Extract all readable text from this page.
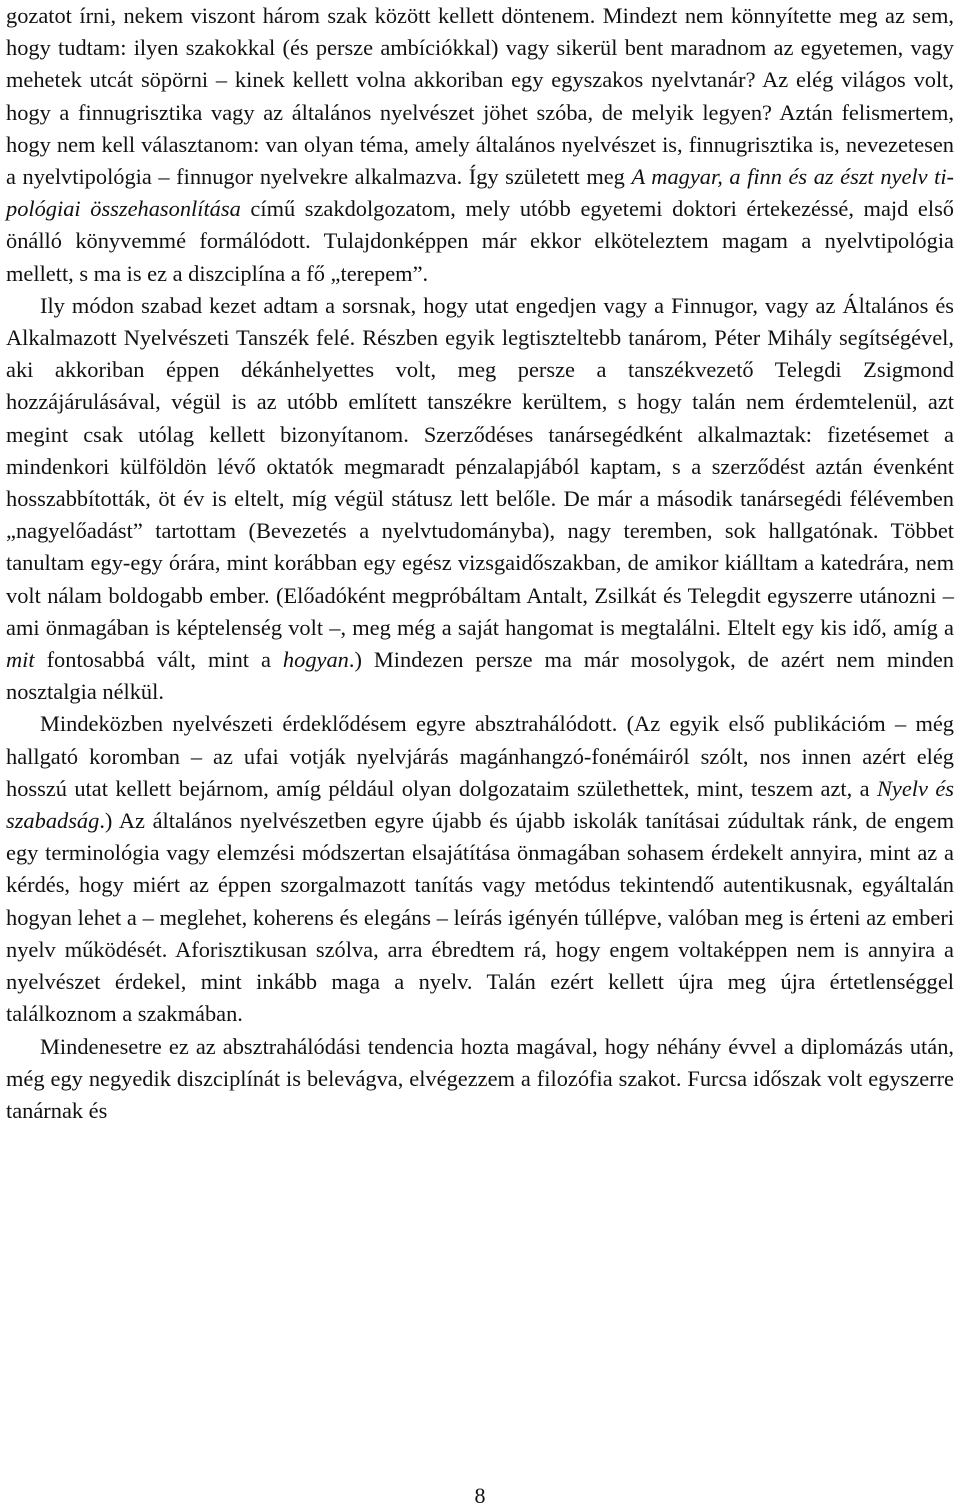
gozatot írni, nekem viszont három szak között kellett döntenem. Mindezt nem könnyítette meg az sem, hogy tudtam: ilyen szakokkal (és persze ambíciókkal) vagy sikerül bent maradnom az egyetemen, vagy mehetek utcát söpörni – kinek kellett volna akkoriban egy egyszakos nyelvtanár? Az elég világos volt, hogy a finnugrisztika vagy az általános nyelvészet jöhet szóba, de melyik legyen? Aztán felismertem, hogy nem kell választanom: van olyan téma, amely általános nyelvészet is, finnugrisztika is, nevezetesen a nyelvtipológia – finnugor nyelvekre alkalmazva. Így született meg A magyar, a finn és az észt nyelv tipológiai összehasonlítása című szakdolgozatom, mely utóbb egyetemi doktori értekezéssé, majd első önálló könyvemmé formálódott. Tulajdonképpen már ekkor elköteleztem magam a nyelvtipológia mellett, s ma is ez a diszciplína a fő „terepem”.

Ily módon szabad kezet adtam a sorsnak, hogy utat engedjen vagy a Finnugor, vagy az Általános és Alkalmazott Nyelvészeti Tanszék felé. Részben egyik legtiszteltebb tanárom, Péter Mihály segítségével, aki akkoriban éppen dékánhelyettes volt, meg persze a tanszékvezető Telegdi Zsigmond hozzájárulásával, végül is az utóbb említett tanszékre kerültem, s hogy talán nem érdemtelenül, azt megint csak utólag kellett bizonyítanom. Szerződéses tanársegédként alkalmaztak: fizetésemet a mindenkori külföldön lévő oktatók megmaradt pénzalapjából kaptam, s a szerződést aztán évenként hosszabbították, öt év is eltelt, míg végül státusz lett belőle. De már a második tanársegédi félévemben „nagyelőadást” tartottam (Bevezetés a nyelvtudományba), nagy teremben, sok hallgatónak. Többet tanultam egy-egy órára, mint korábban egy egész vizsgaidőszakban, de amikor kiálltam a katedrára, nem volt nálam boldogabb ember. (Előadóként megpróbáltam Antalt, Zsilkát és Telegdit egyszerre utánozni – ami önmagában is képtelenség volt –, meg még a saját hangomat is megtalálni. Eltelt egy kis idő, amíg a mit fontosabbá vált, mint a hogyan.) Mindezen persze ma már mosolygok, de azért nem minden nosztalgia nélkül.

Mindeközben nyelvészeti érdeklődésem egyre absztrahálódott. (Az egyik első publikációm – még hallgató koromban – az ufai votják nyelvjárás magánhangzó-fonémáiról szólt, nos innen azért elég hosszú utat kellett bejárnom, amíg például olyan dolgozataim születhettek, mint, teszem azt, a Nyelv és szabadság.) Az általános nyelvészetben egyre újabb és újabb iskolák tanításai zúdultak ránk, de engem egy terminológia vagy elemzési módszertan elsajátítása önmagában sohasem érdekelt annyira, mint az a kérdés, hogy miért az éppen szorgalmazott tanítás vagy metódus tekintendő autentikusnak, egyáltalán hogyan lehet a – meglehet, koherens és elegáns – leírás igényén túllépve, valóban meg is érteni az emberi nyelv működését. Aforisztikusan szólva, arra ébredtem rá, hogy engem voltaképpen nem is annyira a nyelvészet érdekel, mint inkább maga a nyelv. Talán ezért kellett újra meg újra értetlenséggel találkoznom a szakmában.

Mindenesetre ez az absztrahálódási tendencia hozta magával, hogy néhány évvel a diplomázás után, még egy negyedik diszciplínát is belevágva, elvégezzem a filozófia szakot. Furcsa időszak volt egyszerre tanárnak és

8
